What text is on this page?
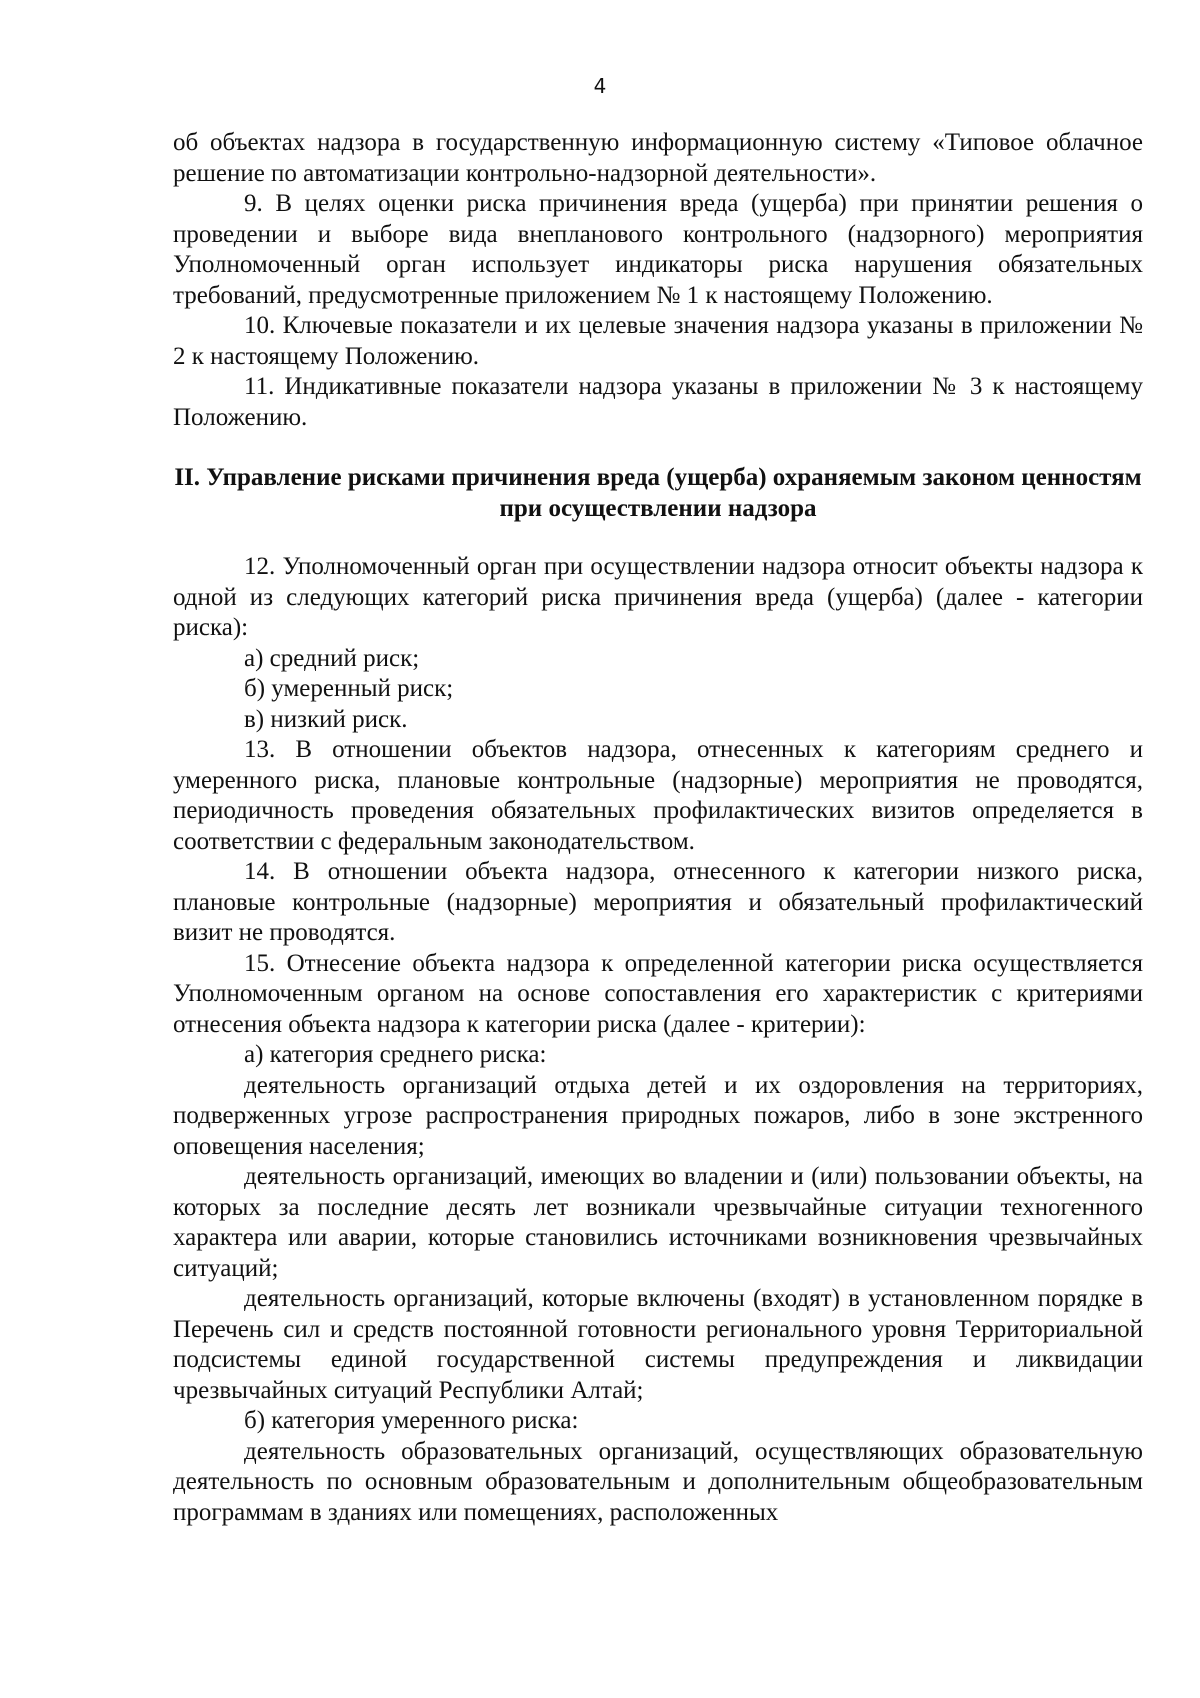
4

об объектах надзора в государственную информационную систему «Типовое облачное решение по автоматизации контрольно-надзорной деятельности».

9. В целях оценки риска причинения вреда (ущерба) при принятии решения о проведении и выборе вида внепланового контрольного (надзорного) мероприятия Уполномоченный орган использует индикаторы риска нарушения обязательных требований, предусмотренные приложением № 1 к настоящему Положению.

10. Ключевые показатели и их целевые значения надзора указаны в приложении № 2 к настоящему Положению.

11. Индикативные показатели надзора указаны в приложении № 3 к настоящему Положению.

II. Управление рисками причинения вреда (ущерба) охраняемым законом ценностям
при осуществлении надзора

12. Уполномоченный орган при осуществлении надзора относит объекты надзора к одной из следующих категорий риска причинения вреда (ущерба) (далее - категории риска):

а) средний риск;

б) умеренный риск;

в) низкий риск.

13. В отношении объектов надзора, отнесенных к категориям среднего и умеренного риска, плановые контрольные (надзорные) мероприятия не проводятся, периодичность проведения обязательных профилактических визитов определяется в соответствии с федеральным законодательством.

14. В отношении объекта надзора, отнесенного к категории низкого риска, плановые контрольные (надзорные) мероприятия и обязательный профилактический визит не проводятся.

15. Отнесение объекта надзора к определенной категории риска осуществляется Уполномоченным органом на основе сопоставления его характеристик с критериями отнесения объекта надзора к категории риска (далее - критерии):

а) категория среднего риска:

деятельность организаций отдыха детей и их оздоровления на территориях, подверженных угрозе распространения природных пожаров, либо в зоне экстренного оповещения населения;

деятельность организаций, имеющих во владении и (или) пользовании объекты, на которых за последние десять лет возникали чрезвычайные ситуации техногенного характера или аварии, которые становились источниками возникновения чрезвычайных ситуаций;

деятельность организаций, которые включены (входят) в установленном порядке в Перечень сил и средств постоянной готовности регионального уровня Территориальной подсистемы единой государственной системы предупреждения и ликвидации чрезвычайных ситуаций Республики Алтай;

б) категория умеренного риска:

деятельность образовательных организаций, осуществляющих образовательную деятельность по основным образовательным и дополнительным общеобразовательным программам в зданиях или помещениях, расположенных
